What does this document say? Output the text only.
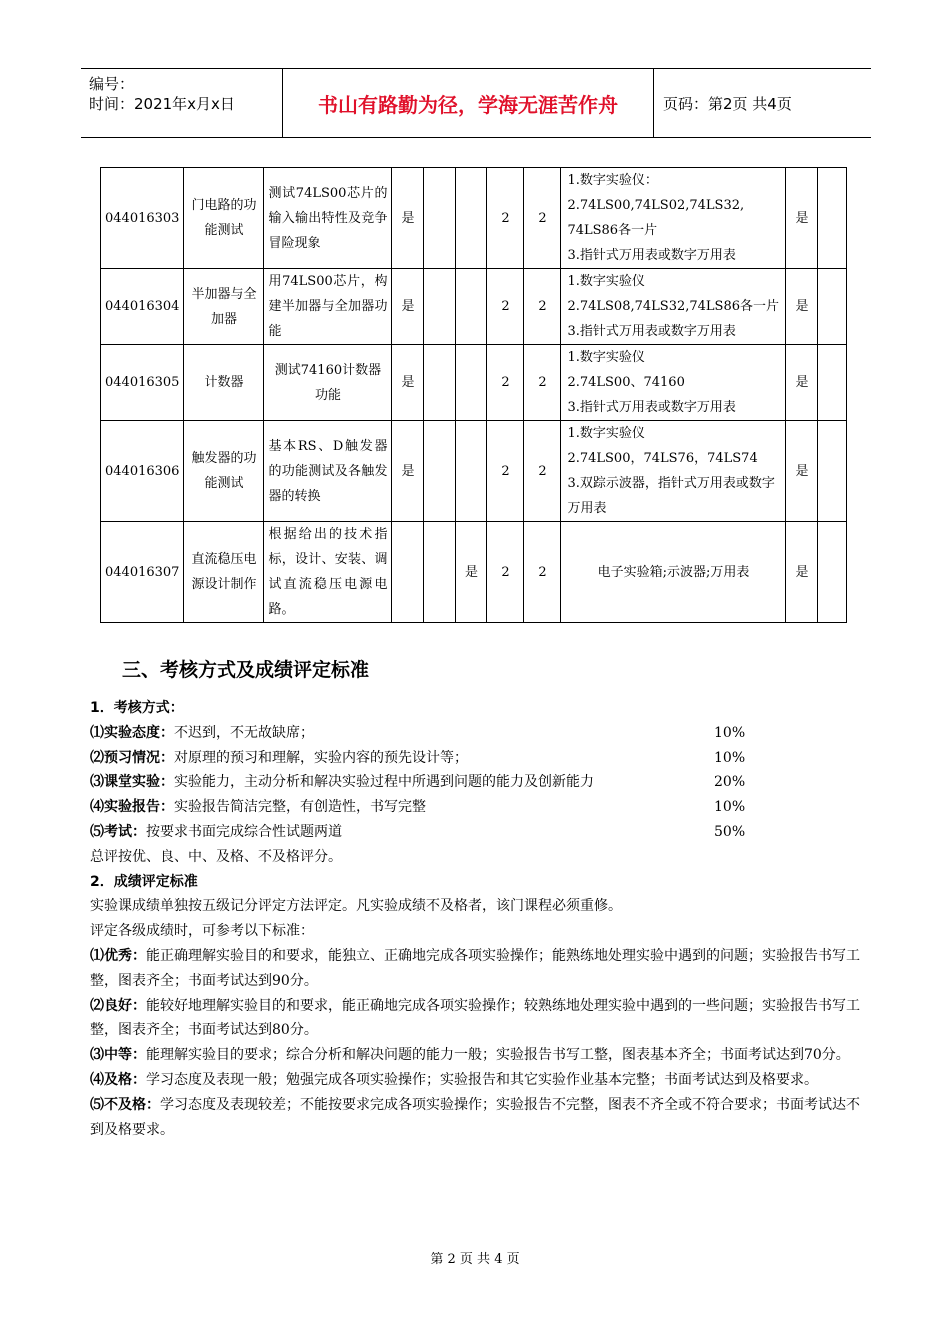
编号：
时间：2021年x月x日	书山有路勤为径，学海无涯苦作舟	页码：第2页 共4页
044016303	门电路的功能测试	测试74LS00芯片的输入输出特性及竞争冒险现象	是			2	2	1.数字实验仪：
2.74LS00,74LS02,74LS32, 74LS86各一片
3.指针式万用表或数字万用表	是	
044016304	半加器与全加器	用74LS00芯片，构建半加器与全加器功能	是			2	2	1.数字实验仪
2.74LS08,74LS32,74LS86各一片
3.指针式万用表或数字万用表	是	
044016305	计数器	测试74160计数器功能	是			2	2	1.数字实验仪
2.74LS00、74160
3.指针式万用表或数字万用表	是	
044016306	触发器的功能测试	基本RS、D触发器的功能测试及各触发器的转换	是			2	2	1.数字实验仪
2.74LS00，74LS76，74LS74
3.双踪示波器，指针式万用表或数字万用表	是	
044016307	直流稳压电源设计制作	根据给出的技术指标，设计、安装、调试直流稳压电源电路。			是	2	2	电子实验箱;示波器;万用表	是	
三、考核方式及成绩评定标准
1．考核方式：
⑴实验态度：不迟到，不无故缺席；	10%
⑵预习情况：对原理的预习和理解，实验内容的预先设计等；	10%
⑶课堂实验：实验能力，主动分析和解决实验过程中所遇到问题的能力及创新能力	20%
⑷实验报告：实验报告简洁完整，有创造性，书写完整	10%
⑸考试：按要求书面完成综合性试题两道	50%
总评按优、良、中、及格、不及格评分。
2．成绩评定标准
实验课成绩单独按五级记分评定方法评定。凡实验成绩不及格者，该门课程必须重修。
评定各级成绩时，可参考以下标准：
⑴优秀：能正确理解实验目的和要求，能独立、正确地完成各项实验操作；能熟练地处理实验中遇到的问题；实验报告书写工整，图表齐全；书面考试达到90分。
⑵良好：能较好地理解实验目的和要求，能正确地完成各项实验操作；较熟练地处理实验中遇到的一些问题；实验报告书写工整，图表齐全；书面考试达到80分。
⑶中等：能理解实验目的要求；综合分析和解决问题的能力一般；实验报告书写工整，图表基本齐全；书面考试达到70分。
⑷及格：学习态度及表现一般；勉强完成各项实验操作；实验报告和其它实验作业基本完整；书面考试达到及格要求。
⑸不及格：学习态度及表现较差；不能按要求完成各项实验操作；实验报告不完整，图表不齐全或不符合要求；书面考试达不到及格要求。
第 2 页 共 4 页
